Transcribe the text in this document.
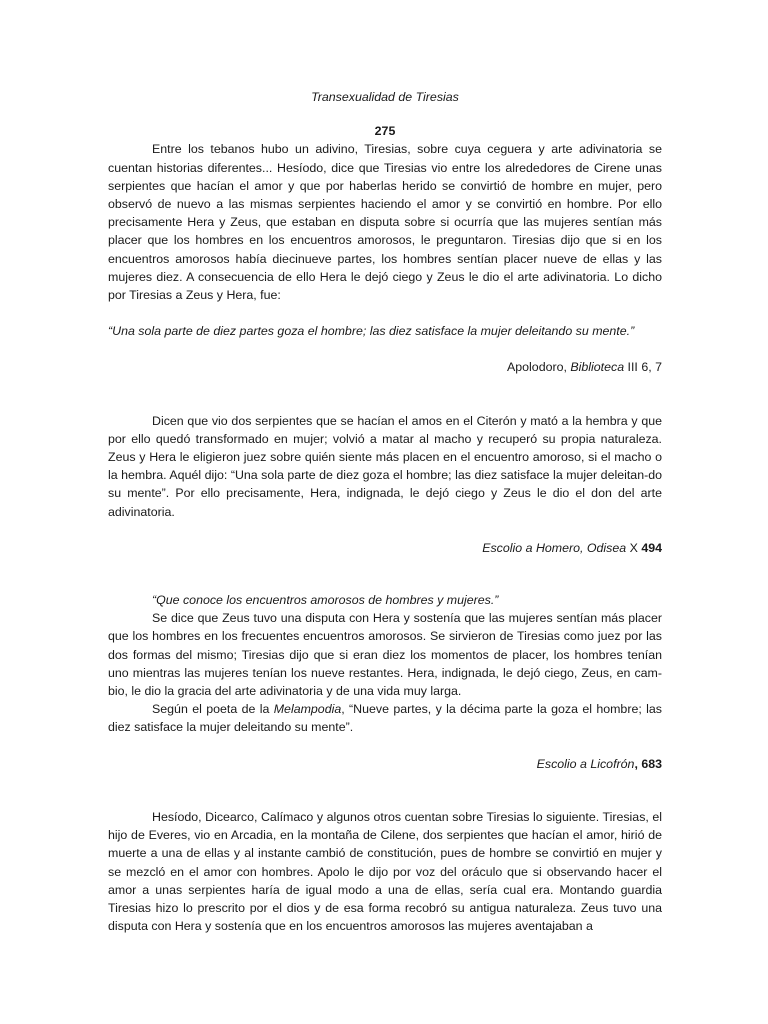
Transexualidad de Tiresias

275

Entre los tebanos hubo un adivino, Tiresias, sobre cuya ceguera y arte adivinatoria se cuentan historias diferentes... Hesíodo, dice que Tiresias vio entre los alrededores de Cirene unas serpientes que hacían el amor y que por haberlas herido se convirtió de hombre en mujer, pero observó de nuevo a las mismas serpientes haciendo el amor y se convirtió en hombre. Por ello precisamente Hera y Zeus, que estaban en disputa sobre si ocurría que las mujeres sentían más placer que los hombres en los encuentros amorosos, le preguntaron. Tiresias dijo que si en los encuentros amorosos había diecinueve partes, los hombres sentían placer nueve de ellas y las mujeres diez. A consecuencia de ello Hera le dejó ciego y Zeus le dio el arte adivinatoria. Lo dicho por Tiresias a Zeus y Hera, fue:

“Una sola parte de diez partes goza el hombre; las diez satisface la mujer deleitando su mente.”

Apolodoro, Biblioteca III 6, 7

Dicen que vio dos serpientes que se hacían el amos en el Citerón y mató a la hembra y que por ello quedó transformado en mujer; volvió a matar al macho y recuperó su propia naturaleza. Zeus y Hera le eligieron juez sobre quién siente más placen en el encuentro amoroso, si el macho o la hembra. Aquél dijo: “Una sola parte de diez goza el hombre; las diez satisface la mujer deleitan-do su mente”. Por ello precisamente, Hera, indignada, le dejó ciego y Zeus le dio el don del arte adivinatoria.

Escolio a Homero, Odisea X 494

“Que conoce los encuentros amorosos de hombres y mujeres.”

Se dice que Zeus tuvo una disputa con Hera y sostenía que las mujeres sentían más placer que los hombres en los frecuentes encuentros amorosos. Se sirvieron de Tiresias como juez por las dos formas del mismo; Tiresias dijo que si eran diez los momentos de placer, los hombres tenían uno mientras las mujeres tenían los nueve restantes. Hera, indignada, le dejó ciego, Zeus, en cam-bio, le dio la gracia del arte adivinatoria y de una vida muy larga.

Según el poeta de la Melampodia, “Nueve partes, y la décima parte la goza el hombre; las diez satisface la mujer deleitando su mente”.

Escolio a Licofrón, 683

Hesíodo, Dicearco, Calímaco y algunos otros cuentan sobre Tiresias lo siguiente. Tiresias, el hijo de Everes, vio en Arcadia, en la montaña de Cilene, dos serpientes que hacían el amor, hirió de muerte a una de ellas y al instante cambió de constitución, pues de hombre se convirtió en mujer y se mezcló en el amor con hombres. Apolo le dijo por voz del oráculo que si observando hacer el amor a unas serpientes haría de igual modo a una de ellas, sería cual era. Montando guardia Tiresias hizo lo prescrito por el dios y de esa forma recobró su antigua naturaleza. Zeus tuvo una disputa con Hera y sostenía que en los encuentros amorosos las mujeres aventajaban a
